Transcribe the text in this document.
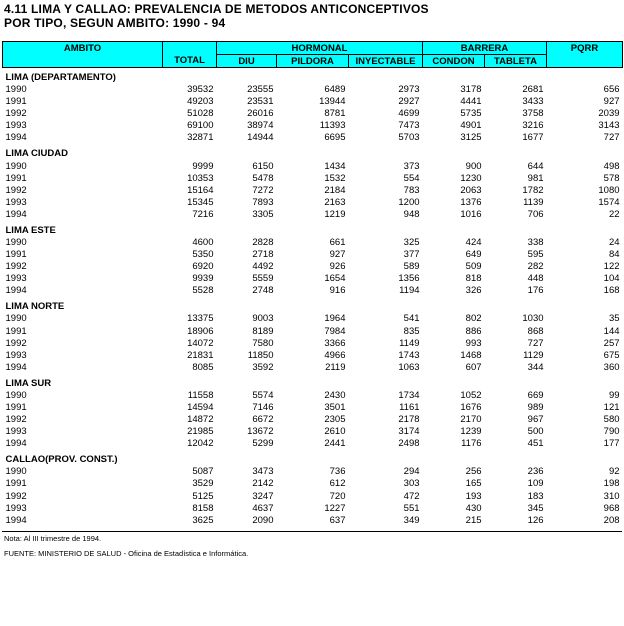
4.11 LIMA Y CALLAO: PREVALENCIA DE METODOS ANTICONCEPTIVOS
POR TIPO, SEGUN AMBITO: 1990 - 94
AMBITO		HORMONAL			BARRERA		PQRR
	TOTAL	DIU	PILDORA	INYECTABLE	CONDON	TABLETA	
LIMA (DEPARTAMENTO)							
1990	39532	23555	6489	2973	3178	2681	656
1991	49203	23531	13944	2927	4441	3433	927
1992	51028	26016	8781	4699	5735	3758	2039
1993	69100	38974	11393	7473	4901	3216	3143
1994	32871	14944	6695	5703	3125	1677	727
LIMA CIUDAD							
1990	9999	6150	1434	373	900	644	498
1991	10353	5478	1532	554	1230	981	578
1992	15164	7272	2184	783	2063	1782	1080
1993	15345	7893	2163	1200	1376	1139	1574
1994	7216	3305	1219	948	1016	706	22
LIMA ESTE							
1990	4600	2828	661	325	424	338	24
1991	5350	2718	927	377	649	595	84
1992	6920	4492	926	589	509	282	122
1993	9939	5559	1654	1356	818	448	104
1994	5528	2748	916	1194	326	176	168
LIMA NORTE							
1990	13375	9003	1964	541	802	1030	35
1991	18906	8189	7984	835	886	868	144
1992	14072	7580	3366	1149	993	727	257
1993	21831	11850	4966	1743	1468	1129	675
1994	8085	3592	2119	1063	607	344	360
LIMA SUR							
1990	11558	5574	2430	1734	1052	669	99
1991	14594	7146	3501	1161	1676	989	121
1992	14872	6672	2305	2178	2170	967	580
1993	21985	13672	2610	3174	1239	500	790
1994	12042	5299	2441	2498	1176	451	177
CALLAO(PROV. CONST.)							
1990	5087	3473	736	294	256	236	92
1991	3529	2142	612	303	165	109	198
1992	5125	3247	720	472	193	183	310
1993	8158	4637	1227	551	430	345	968
1994	3625	2090	637	349	215	126	208
Nota: Al III trimestre de 1994.
FUENTE: MINISTERIO DE SALUD - Oficina de Estadística e Informática.
